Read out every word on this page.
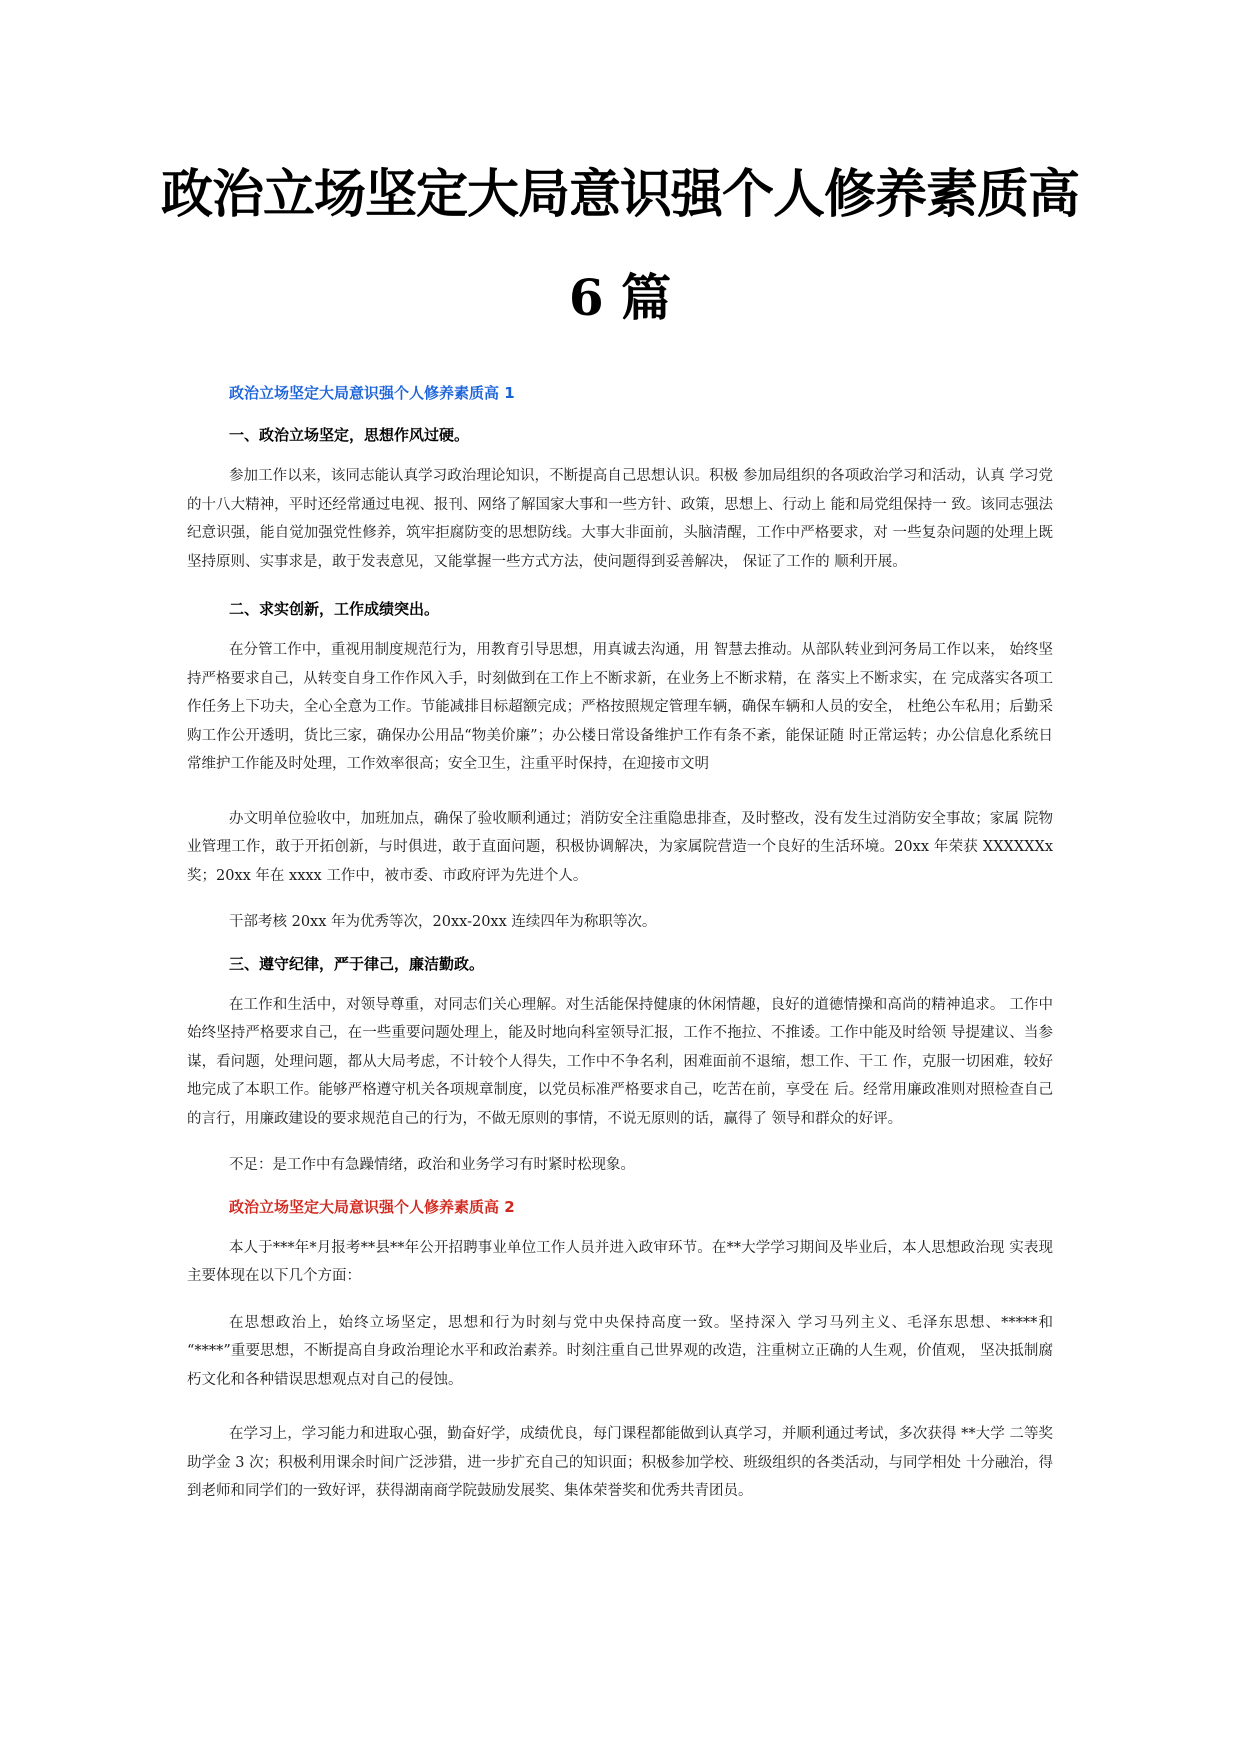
政治立场坚定大局意识强个人修养素质高
6 篇
政治立场坚定大局意识强个人修养素质高 1
一、政治立场坚定，思想作风过硬。

参加工作以来，该同志能认真学习政治理论知识，不断提高自己思想认识。积极 参加局组织的各项政治学习和活动，认真 学习党的十八大精神，平时还经常通过电视、报刊、网络了解国家大事和一些方针、政策，思想上、行动上 能和局党组保持一 致。该同志强法纪意识强，能自觉加强党性修养，筑牢拒腐防变的思想防线。大事大非面前，头脑清醒，工作中严格要求，对 一些复杂问题的处理上既坚持原则、实事求是，敢于发表意见，又能掌握一些方式方法，使问题得到妥善解决， 保证了工作的 顺利开展。

二、求实创新，工作成绩突出。

在分管工作中，重视用制度规范行为，用教育引导思想，用真诚去沟通，用 智慧去推动。从部队转业到河务局工作以来， 始终坚持严格要求自己，从转变自身工作作风入手，时刻做到在工作上不断求新，在业务上不断求精，在 落实上不断求实，在 完成落实各项工作任务上下功夫，全心全意为工作。节能减排目标超额完成；严格按照规定管理车辆，确保车辆和人员的安全， 杜绝公车私用；后勤采购工作公开透明，货比三家，确保办公用品“物美价廉”；办公楼日常设备维护工作有条不紊，能保证随 时正常运转；办公信息化系统日常维护工作能及时处理，工作效率很高；安全卫生，注重平时保持，在迎接市文明

办文明单位验收中，加班加点，确保了验收顺利通过；消防安全注重隐患排查，及时整改，没有发生过消防安全事故；家属 院物业管理工作，敢于开拓创新，与时俱进，敢于直面问题，积极协调解决，为家属院营造一个良好的生活环境。20xx 年荣获 XXXXXXx 奖；20xx 年在 xxxx 工作中，被市委、市政府评为先进个人。

干部考核 20xx 年为优秀等次，20xx-20xx 连续四年为称职等次。

三、遵守纪律，严于律己，廉洁勤政。

在工作和生活中，对领导尊重，对同志们关心理解。对生活能保持健康的休闲情趣，良好的道德情操和高尚的精神追求。 工作中始终坚持严格要求自己，在一些重要问题处理上，能及时地向科室领导汇报，工作不拖拉、不推诿。工作中能及时给领 导提建议、当参谋，看问题，处理问题，都从大局考虑，不计较个人得失，工作中不争名利，困难面前不退缩，想工作、干工 作，克服一切困难，较好地完成了本职工作。能够严格遵守机关各项规章制度，以党员标准严格要求自己，吃苦在前，享受在 后。经常用廉政准则对照检查自己的言行，用廉政建设的要求规范自己的行为，不做无原则的事情，不说无原则的话，赢得了 领导和群众的好评。

不足：是工作中有急躁情绪，政治和业务学习有时紧时松现象。

政治立场坚定大局意识强个人修养素质高 2

本人于***年*月报考**县**年公开招聘事业单位工作人员并进入政审环节。在**大学学习期间及毕业后，本人思想政治现 实表现主要体现在以下几个方面：

在思想政治上，始终立场坚定，思想和行为时刻与党中央保持高度一致。坚持深入 学习马列主义、毛泽东思想、*****和 “****”重要思想，不断提高自身政治理论水平和政治素养。时刻注重自己世界观的改造，注重树立正确的人生观，价值观， 坚决抵制腐朽文化和各种错误思想观点对自己的侵蚀。

在学习上，学习能力和进取心强，勤奋好学，成绩优良，每门课程都能做到认真学习，并顺利通过考试，多次获得 **大学 二等奖助学金 3 次；积极利用课余时间广泛涉猎，进一步扩充自己的知识面；积极参加学校、班级组织的各类活动，与同学相处 十分融治，得到老师和同学们的一致好评，获得湖南商学院鼓励发展奖、集体荣誉奖和优秀共青团员。
